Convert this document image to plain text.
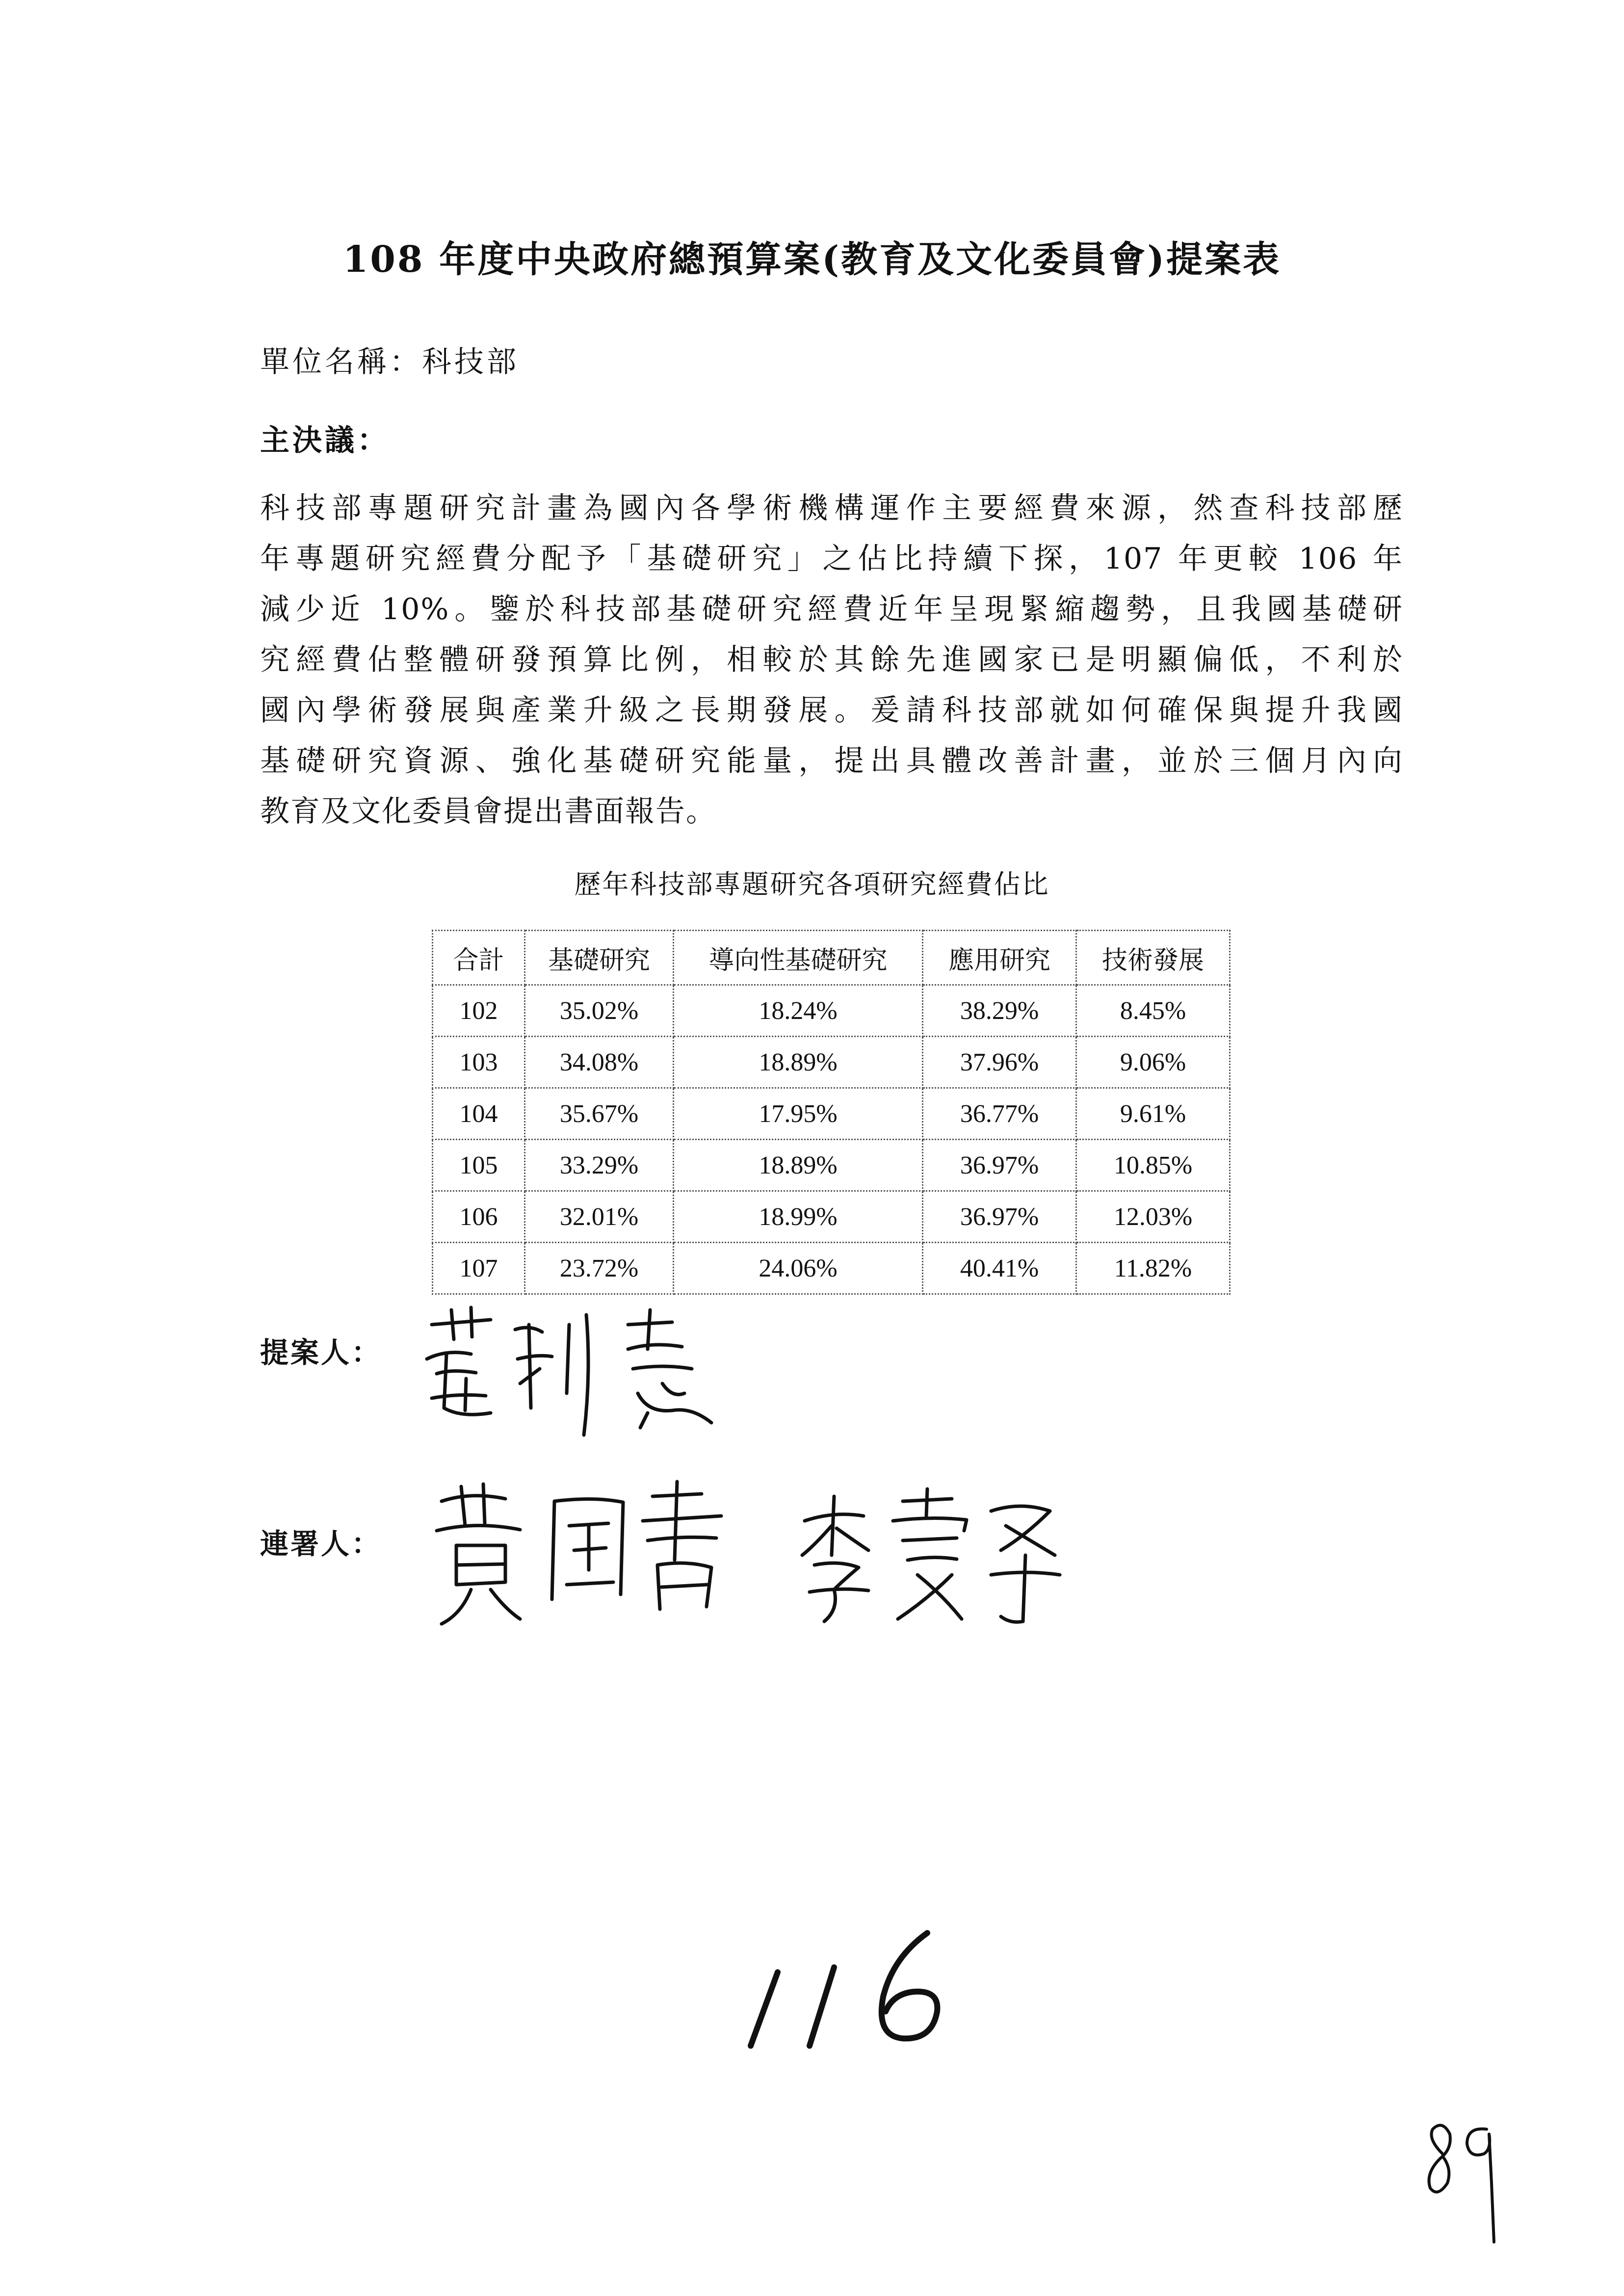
108 年度中央政府總預算案(教育及文化委員會)提案表
單位名稱：科技部
主決議：
科技部專題研究計畫為國內各學術機構運作主要經費來源，然查科技部歷
年專題研究經費分配予「基礎研究」之佔比持續下探，107 年更較 106 年
減少近 10%。鑒於科技部基礎研究經費近年呈現緊縮趨勢，且我國基礎研
究經費佔整體研發預算比例，相較於其餘先進國家已是明顯偏低，不利於
國內學術發展與產業升級之長期發展。爰請科技部就如何確保與提升我國
基礎研究資源、強化基礎研究能量，提出具體改善計畫，並於三個月內向
教育及文化委員會提出書面報告。
歷年科技部專題研究各項研究經費佔比
合計	基礎研究	導向性基礎研究	應用研究	技術發展
102	35.02%	18.24%	38.29%	8.45%
103	34.08%	18.89%	37.96%	9.06%
104	35.67%	17.95%	36.77%	9.61%
105	33.29%	18.89%	36.97%	10.85%
106	32.01%	18.99%	36.97%	12.03%
107	23.72%	24.06%	40.41%	11.82%
提案人：
連署人：
